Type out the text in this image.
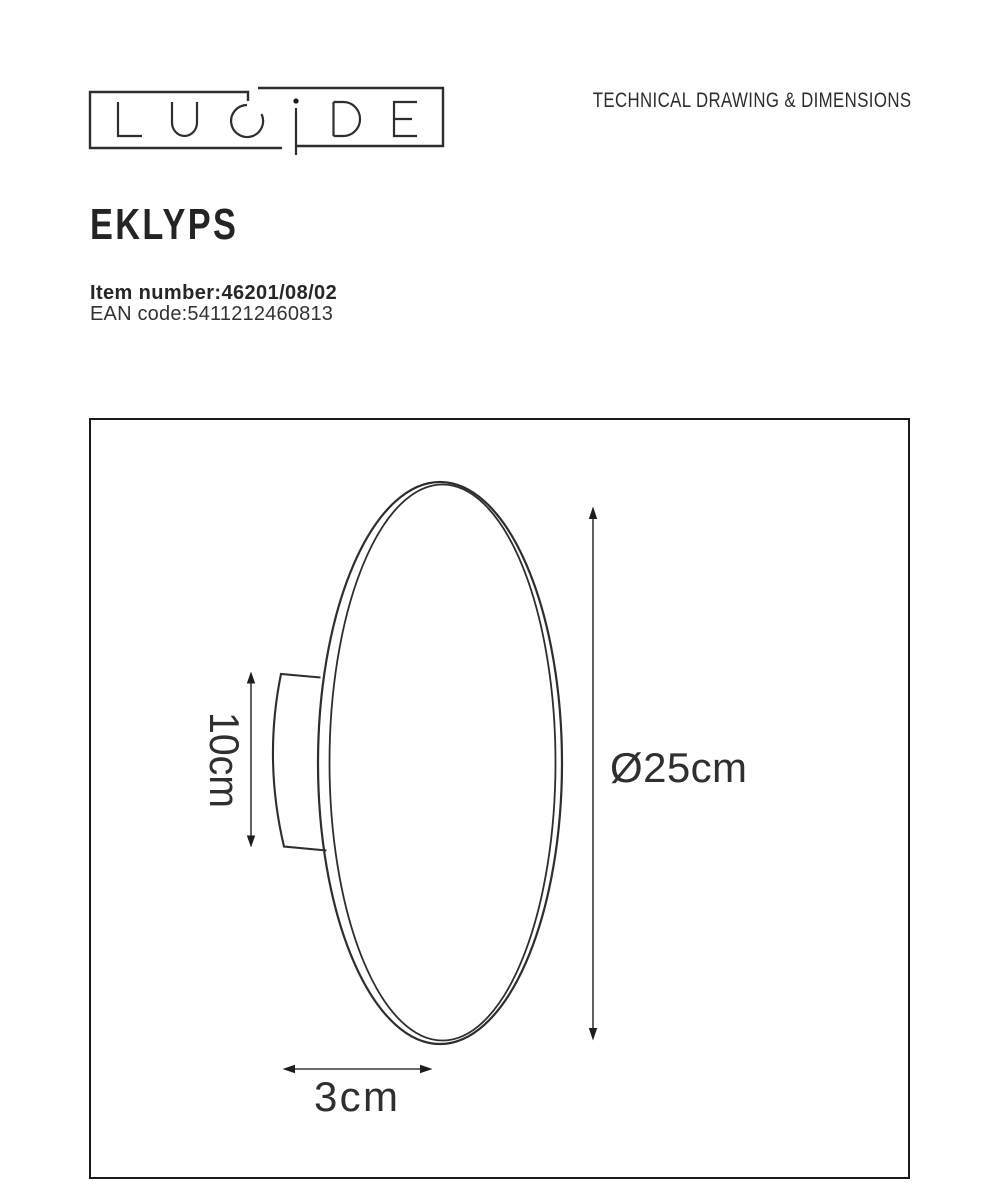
TECHNICAL DRAWING & DIMENSIONS
EKLYPS
Item number:46201/08/02
EAN code:5411212460813
10cm	Ø25cm
3cm
